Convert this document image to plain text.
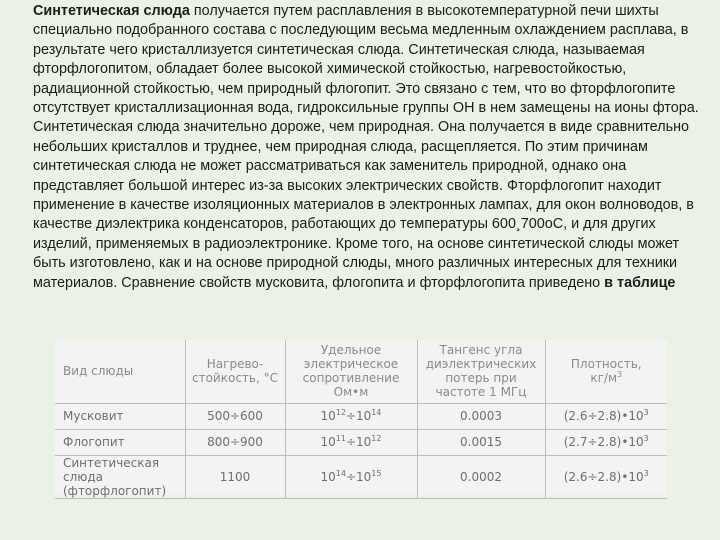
Синтетическая слюда получается путем расплавления в высокотемпературной печи шихты специально подобранного состава с последующим весьма медленным охлаждением расплава, в результате чего кристаллизуется синтетическая слюда. Синтетическая слюда, называемая фторфлогопитом, обладает более высокой химической стойкостью, нагревостойкостью, радиационной стойкостью, чем природный флогопит. Это связано с тем, что во фторфлогопите отсутствует кристаллизационная вода, гидроксильные группы ОН в нем замещены на ионы фтора. Синтетическая слюда значительно дороже, чем природная. Она получается в виде сравнительно небольших кристаллов и труднее, чем природная слюда, расщепляется. По этим причинам синтетическая слюда не может рассматриваться как заменитель природной, однако она представляет большой интерес из-за высоких электрических свойств. Фторфлогопит находит применение в качестве изоляционных материалов в электронных лампах, для окон волноводов, в качестве диэлектрика конденсаторов, работающих до температуры 600¸700оС, и для других изделий, применяемых в радиоэлектронике. Кроме того, на основе синтетической слюды может быть изготовлено, как и на основе природной слюды, много различных интересных для техники материалов. Сравнение свойств мусковита, флогопита и фторфлогопита приведено в таблице
Вид слюды	Нагрево- стойкость, °С	Удельное электрическое сопротивление Ом•м	Тангенс угла диэлектрических потерь при частоте 1 МГц	Плотность,
$кг/м^3$

Мусковит	500÷600	$10^{12}\div 10^{14}$	0.0003	$(2.6\div 2.8)•10^3$
Флогопит	800÷900	$10^{11}\div 10^{12}$	0.0015	$(2.7\div 2.8)•10^3$
Синтетическая слюда (фторфлогопит)	1100	$10^{14}\div 10^{15}$	0.0002	$(2.6\div 2.8)•10^3$
